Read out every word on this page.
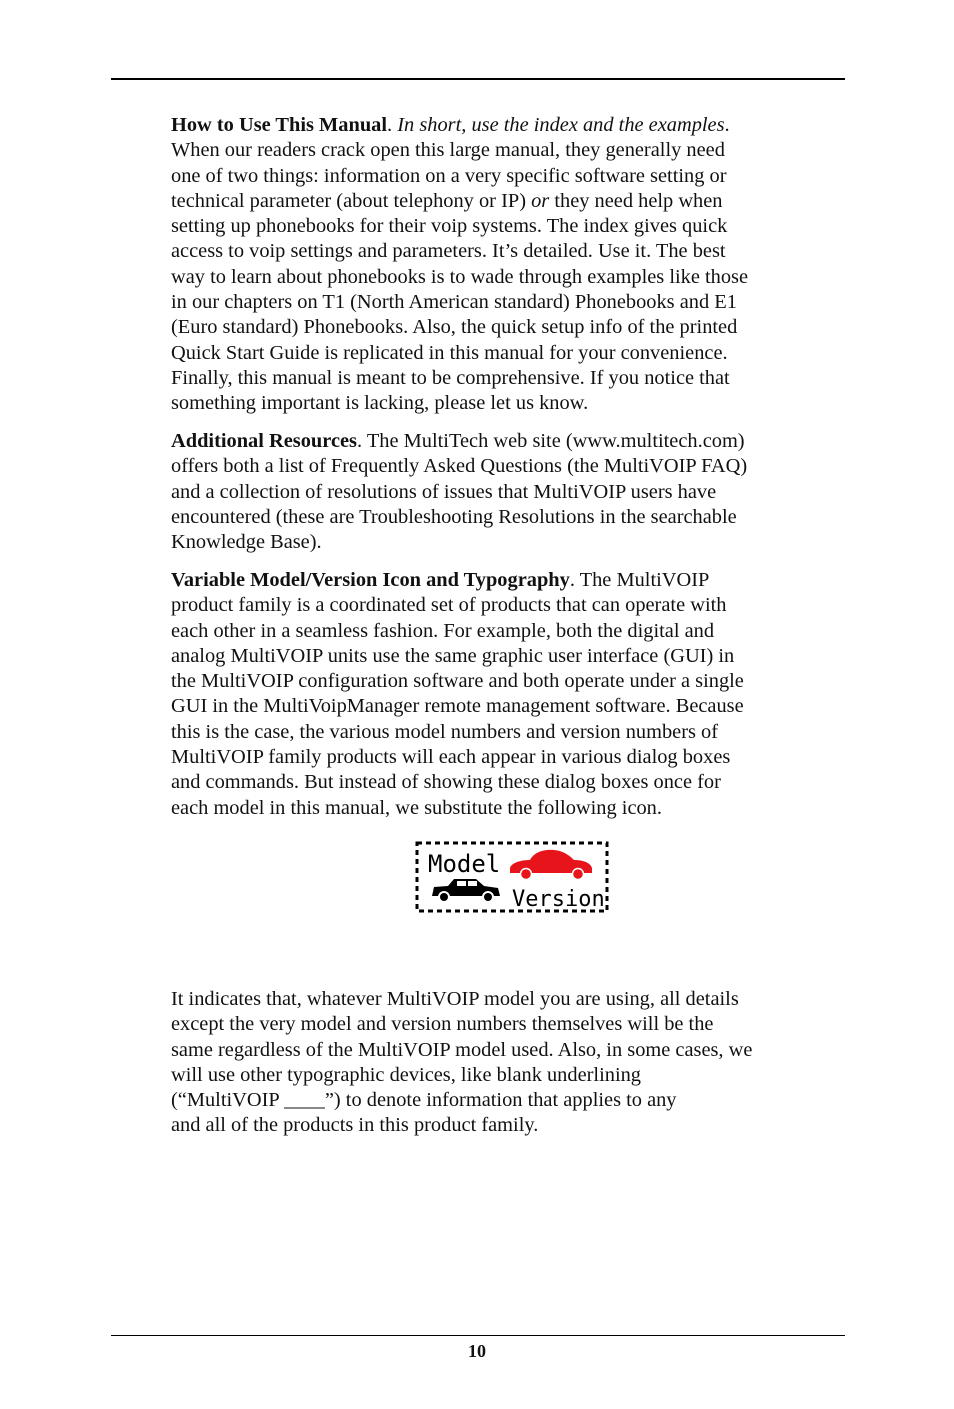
How to Use This Manual. In short, use the index and the examples.
When our readers crack open this large manual, they generally need
one of two things: information on a very specific software setting or
technical parameter (about telephony or IP) or they need help when
setting up phonebooks for their voip systems. The index gives quick
access to voip settings and parameters. It’s detailed. Use it. The best
way to learn about phonebooks is to wade through examples like those
in our chapters on T1 (North American standard) Phonebooks and E1
(Euro standard) Phonebooks. Also, the quick setup info of the printed
Quick Start Guide is replicated in this manual for your convenience.
Finally, this manual is meant to be comprehensive. If you notice that
something important is lacking, please let us know.
Additional Resources. The MultiTech web site (www.multitech.com)
offers both a list of Frequently Asked Questions (the MultiVOIP FAQ)
and a collection of resolutions of issues that MultiVOIP users have
encountered (these are Troubleshooting Resolutions in the searchable
Knowledge Base).
Variable Model/Version Icon and Typography. The MultiVOIP
product family is a coordinated set of products that can operate with
each other in a seamless fashion. For example, both the digital and
analog MultiVOIP units use the same graphic user interface (GUI) in
the MultiVOIP configuration software and both operate under a single
GUI in the MultiVoipManager remote management software. Because
this is the case, the various model numbers and version numbers of
MultiVOIP family products will each appear in various dialog boxes
and commands. But instead of showing these dialog boxes once for
each model in this manual, we substitute the following icon.
Model
Version
It indicates that, whatever MultiVOIP model you are using, all details
except the very model and version numbers themselves will be the
same regardless of the MultiVOIP model used. Also, in some cases, we
will use other typographic devices, like blank underlining
(“MultiVOIP ____”) to denote information that applies to any
and all of the products in this product family.
10
